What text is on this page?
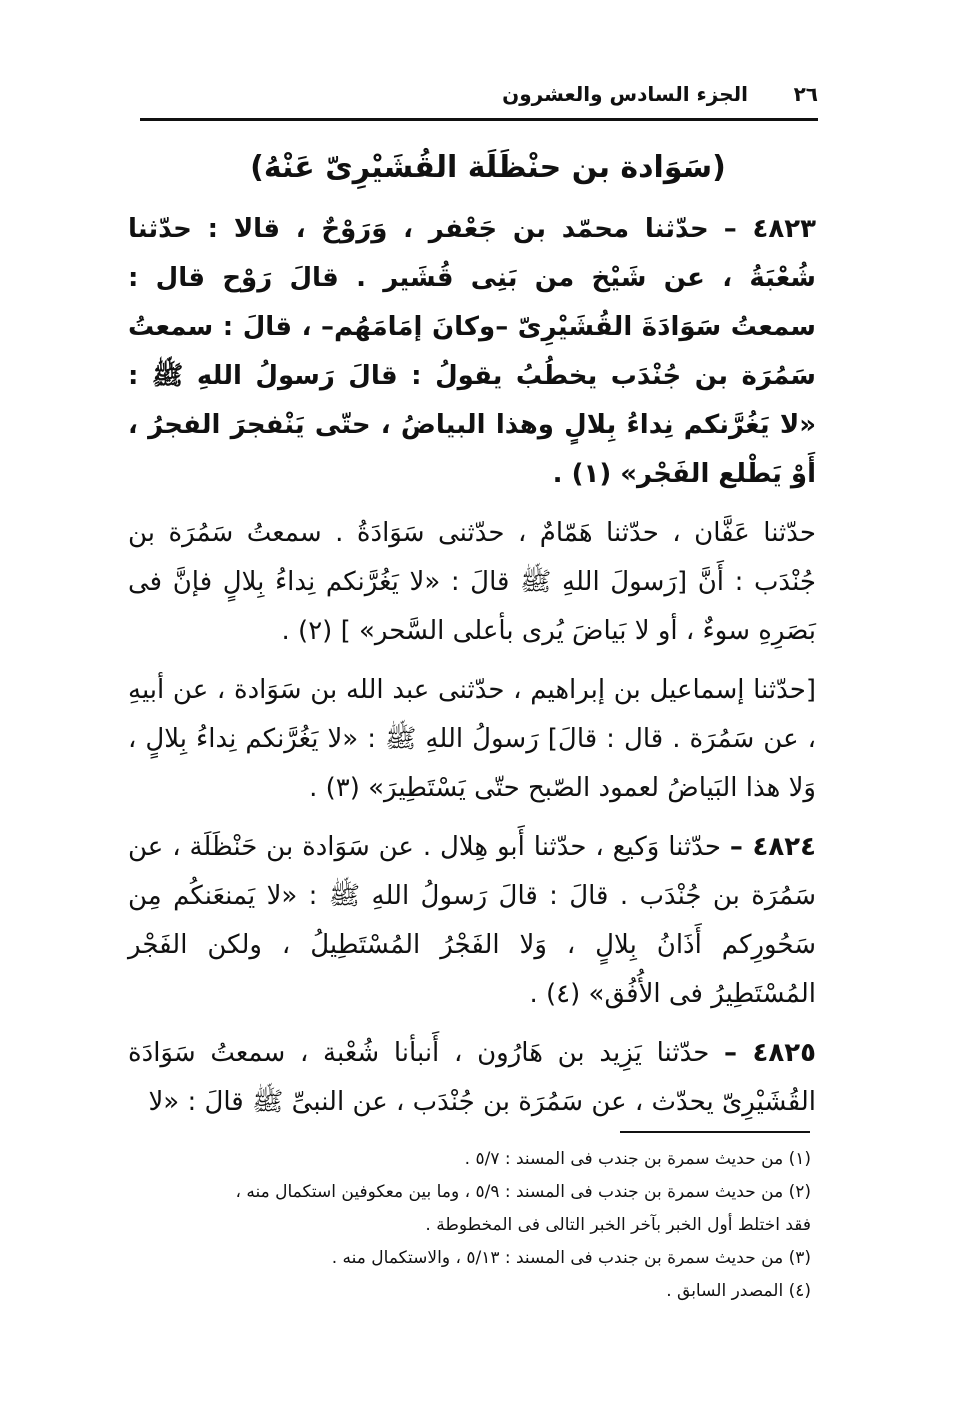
٢٦
الجزء السادس والعشرون
(سَوَادة بن حنْظَلَة القُشَيْرِىّ عَنْهُ)

٤٨٢٣ – حدّثنا محمّد بن جَعْفر ، وَرَوْحٌ ، قالا : حدّثنا شُعْبَةُ ، عن شَيْخ من بَنِى قُشَير . قالَ رَوْح قال : سمعتُ سَوَادَةَ القُشَيْرِىّ –وكانَ إمَامَهُم– ، قالَ : سمعتُ سَمُرَة بن جُنْدَب يخطُبُ يقولُ : قالَ رَسولُ اللهِ ﷺ : «لا يَغُرَّنكم نِداءُ بِلالٍ وهذا البياضُ ، حتّى يَنْفجرَ الفجرُ ، أَوْ يَطْلع الفَجْر» (١) .

حدّثنا عَفَّان ، حدّثنا هَمّامٌ ، حدّثنى سَوَادَةُ . سمعتُ سَمُرَة بن جُنْدَب : أَنَّ [رَسولَ اللهِ ﷺ قالَ : «لا يَغُرَّنكم نِداءُ بِلالٍ فإنَّ فى بَصَرِهِ سوءٌ ، أو لا بَياضَ يُرى بأعلى السَّحر» ] (٢) .

[حدّثنا إسماعيل بن إبراهيم ، حدّثنى عبد الله بن سَوَادة ، عن أبيهِ ، عن سَمُرَة . قال : قالَ] رَسولُ اللهِ ﷺ : «لا يَغُرَّنكم نِداءُ بِلالٍ ، وَلا هذا البَياضُ لعمود الصّبح حتّى يَسْتَطِيرَ» (٣) .

٤٨٢٤ – حدّثنا وَكيع ، حدّثنا أَبو هِلال . عن سَوَادة بن حَنْظَلَة ، عن سَمُرَة بن جُنْدَب . قالَ : قالَ رَسولُ اللهِ ﷺ : «لا يَمنعَنكُم مِن سَحُورِكم أَذَانُ بِلالٍ ، وَلا الفَجْرُ المُسْتَطِيلُ ، ولكن الفَجْر المُسْتَطِيرُ فى الأُفُق» (٤) .

٤٨٢٥ – حدّثنا يَزِيد بن هَارُون ، أَنبأنا شُعْبة ، سمعتُ سَوَادَة القُشَيْرِىّ يحدّث ، عن سَمُرَة بن جُنْدَب ، عن النبىِّ ﷺ قالَ : «لا

(١) من حديث سمرة بن جندب فى المسند : ٥/٧ .
(٢) من حديث سمرة بن جندب فى المسند : ٥/٩ ، وما بين معكوفين استكمال منه ،
فقد اختلط أول الخبر بآخر الخبر التالى فى المخطوطة .
(٣) من حديث سمرة بن جندب فى المسند : ٥/١٣ ، والاستكمال منه .
(٤) المصدر السابق .
